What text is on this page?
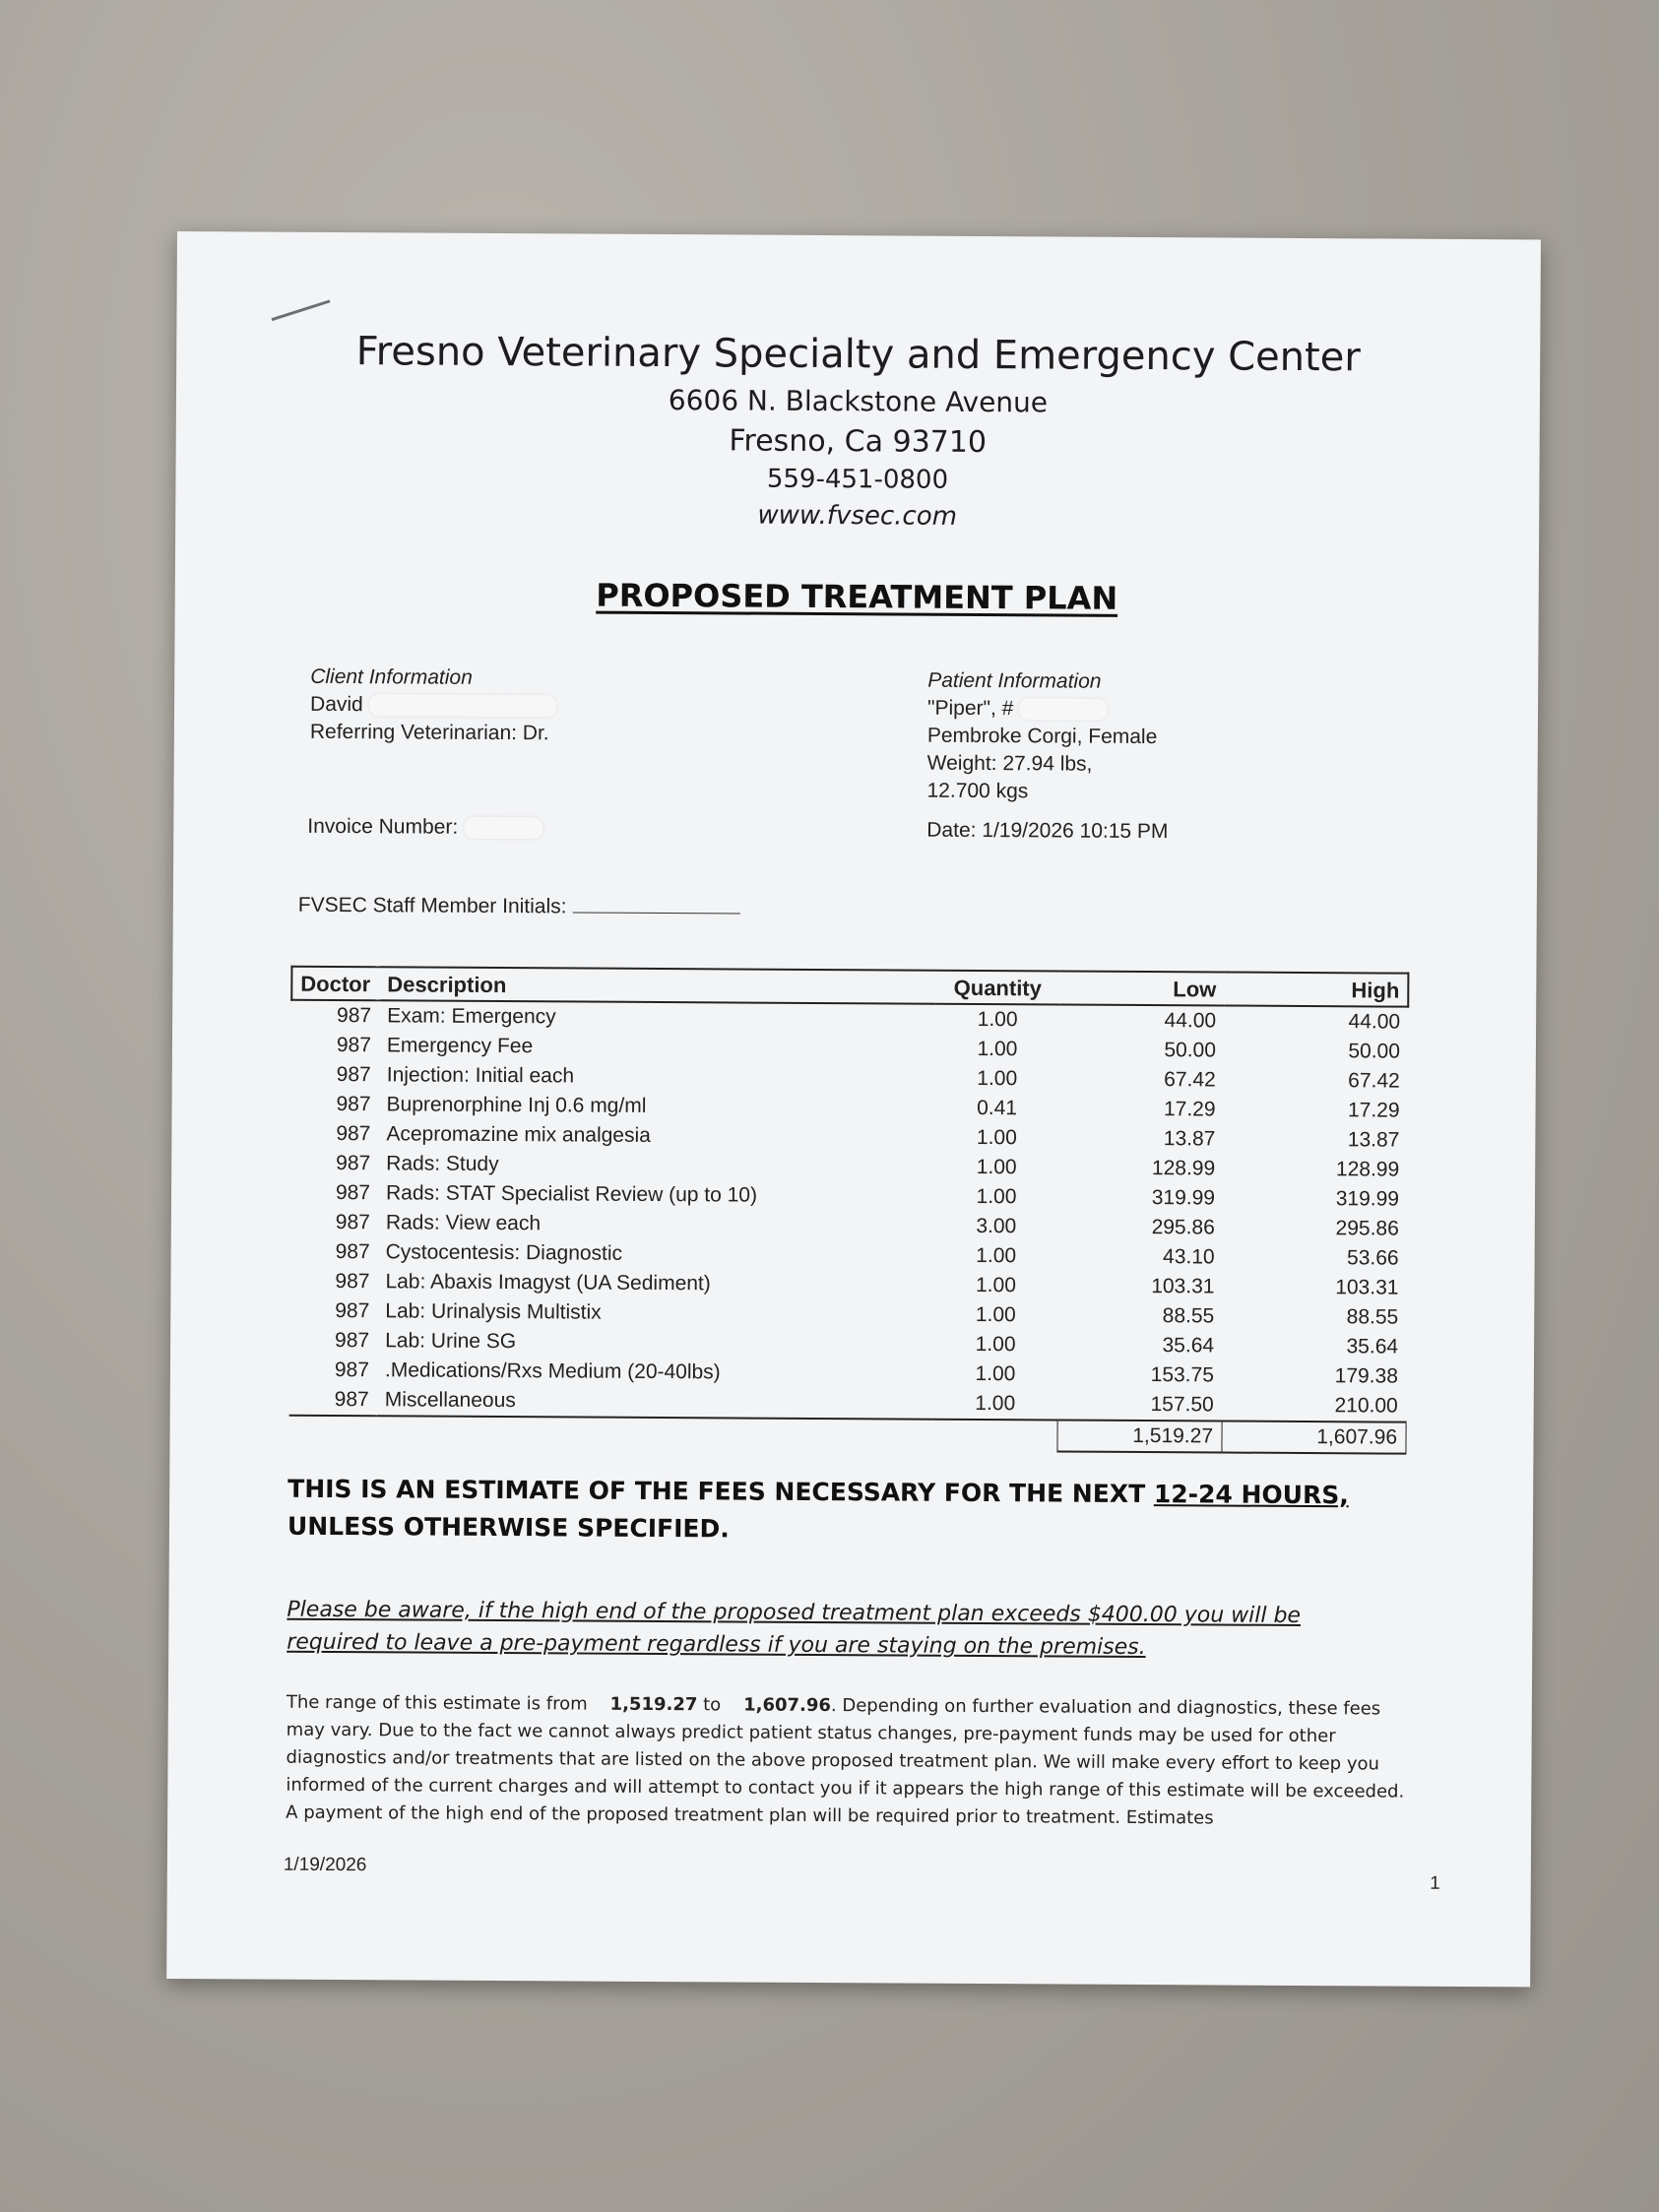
Fresno Veterinary Specialty and Emergency Center
6606 N. Blackstone Avenue
Fresno, Ca 93710
559-451-0800
www.fvsec.com
PROPOSED TREATMENT PLAN
Client Information
David
Referring Veterinarian: Dr.
Patient Information
"Piper", #
Pembroke Corgi, Female
Weight: 27.94 lbs,
12.700 kgs
Invoice Number:	Date: 1/19/2026 10:15 PM
FVSEC Staff Member Initials:
Doctor	Description	Quantity	Low	High
987	Exam: Emergency	1.00	44.00	44.00
987	Emergency Fee	1.00	50.00	50.00
987	Injection: Initial each	1.00	67.42	67.42
987	Buprenorphine Inj 0.6 mg/ml	0.41	17.29	17.29
987	Acepromazine mix analgesia	1.00	13.87	13.87
987	Rads: Study	1.00	128.99	128.99
987	Rads: STAT Specialist Review (up to 10)	1.00	319.99	319.99
987	Rads: View each	3.00	295.86	295.86
987	Cystocentesis: Diagnostic	1.00	43.10	53.66
987	Lab: Abaxis Imagyst (UA Sediment)	1.00	103.31	103.31
987	Lab: Urinalysis Multistix	1.00	88.55	88.55
987	Lab: Urine SG	1.00	35.64	35.64
987	.Medications/Rxs Medium (20-40lbs)	1.00	153.75	179.38
987	Miscellaneous	1.00	157.50	210.00
			1,519.27	1,607.96
THIS IS AN ESTIMATE OF THE FEES NECESSARY FOR THE NEXT 12-24 HOURS,
UNLESS OTHERWISE SPECIFIED.
Please be aware, if the high end of the proposed treatment plan exceeds $400.00 you will be required to leave a pre-payment regardless if you are staying on the premises.
The range of this estimate is from 1,519.27 to 1,607.96. Depending on further evaluation and diagnostics, these fees may vary. Due to the fact we cannot always predict patient status changes, pre-payment funds may be used for other diagnostics and/or treatments that are listed on the above proposed treatment plan. We will make every effort to keep you informed of the current charges and will attempt to contact you if it appears the high range of this estimate will be exceeded. A payment of the high end of the proposed treatment plan will be required prior to treatment. Estimates
1/19/2026
1
